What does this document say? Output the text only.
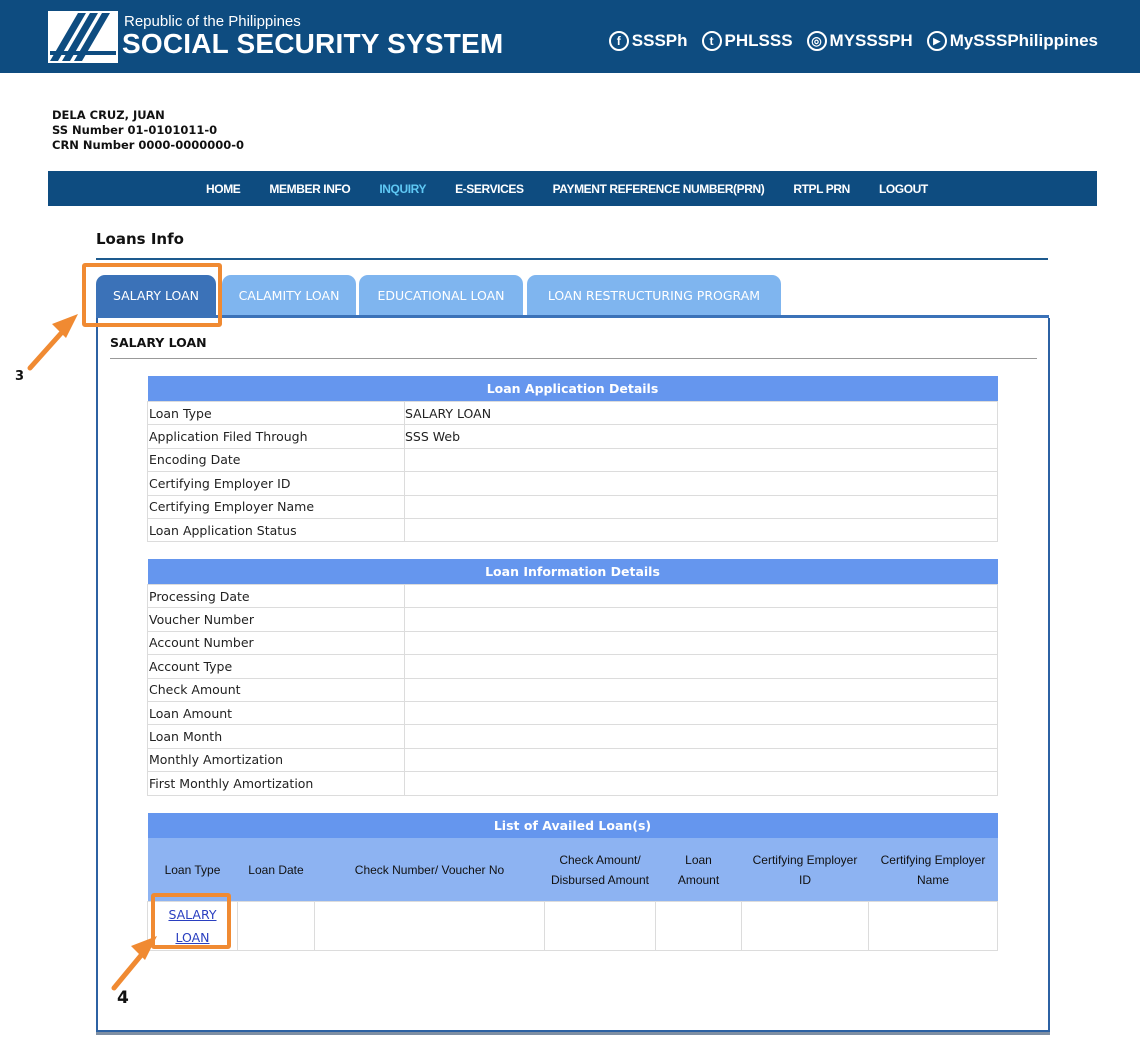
Republic of the Philippines
SOCIAL SECURITY SYSTEM	f SSSPh	t PHLSSS	◎ MYSSSPH	▶ MySSSPhilippines
DELA CRUZ, JUAN
SS Number 01-0101011-0
CRN Number 0000-0000000-0
HOME MEMBER INFO INQUIRY E-SERVICES PAYMENT REFERENCE NUMBER(PRN) RTPL PRN LOGOUT
Loans Info
SALARY LOAN	CALAMITY LOAN	EDUCATIONAL LOAN	LOAN RESTRUCTURING PROGRAM
SALARY LOAN
Loan Application Details	
Loan Type	SALARY LOAN
Application Filed Through	SSS Web
Encoding Date	
Certifying Employer ID	
Certifying Employer Name	
Loan Application Status	
Loan Information Details	
Processing Date	
Voucher Number	
Account Number	
Account Type	
Check Amount	
Loan Amount	
Loan Month	
Monthly Amortization	
First Monthly Amortization	
List of Availed Loan(s)						
Loan Type	Loan Date	Check Number/ Voucher No	Check Amount/ Disbursed Amount	Loan Amount	Certifying Employer ID	Certifying Employer Name
SALARY LOAN						
3
4
